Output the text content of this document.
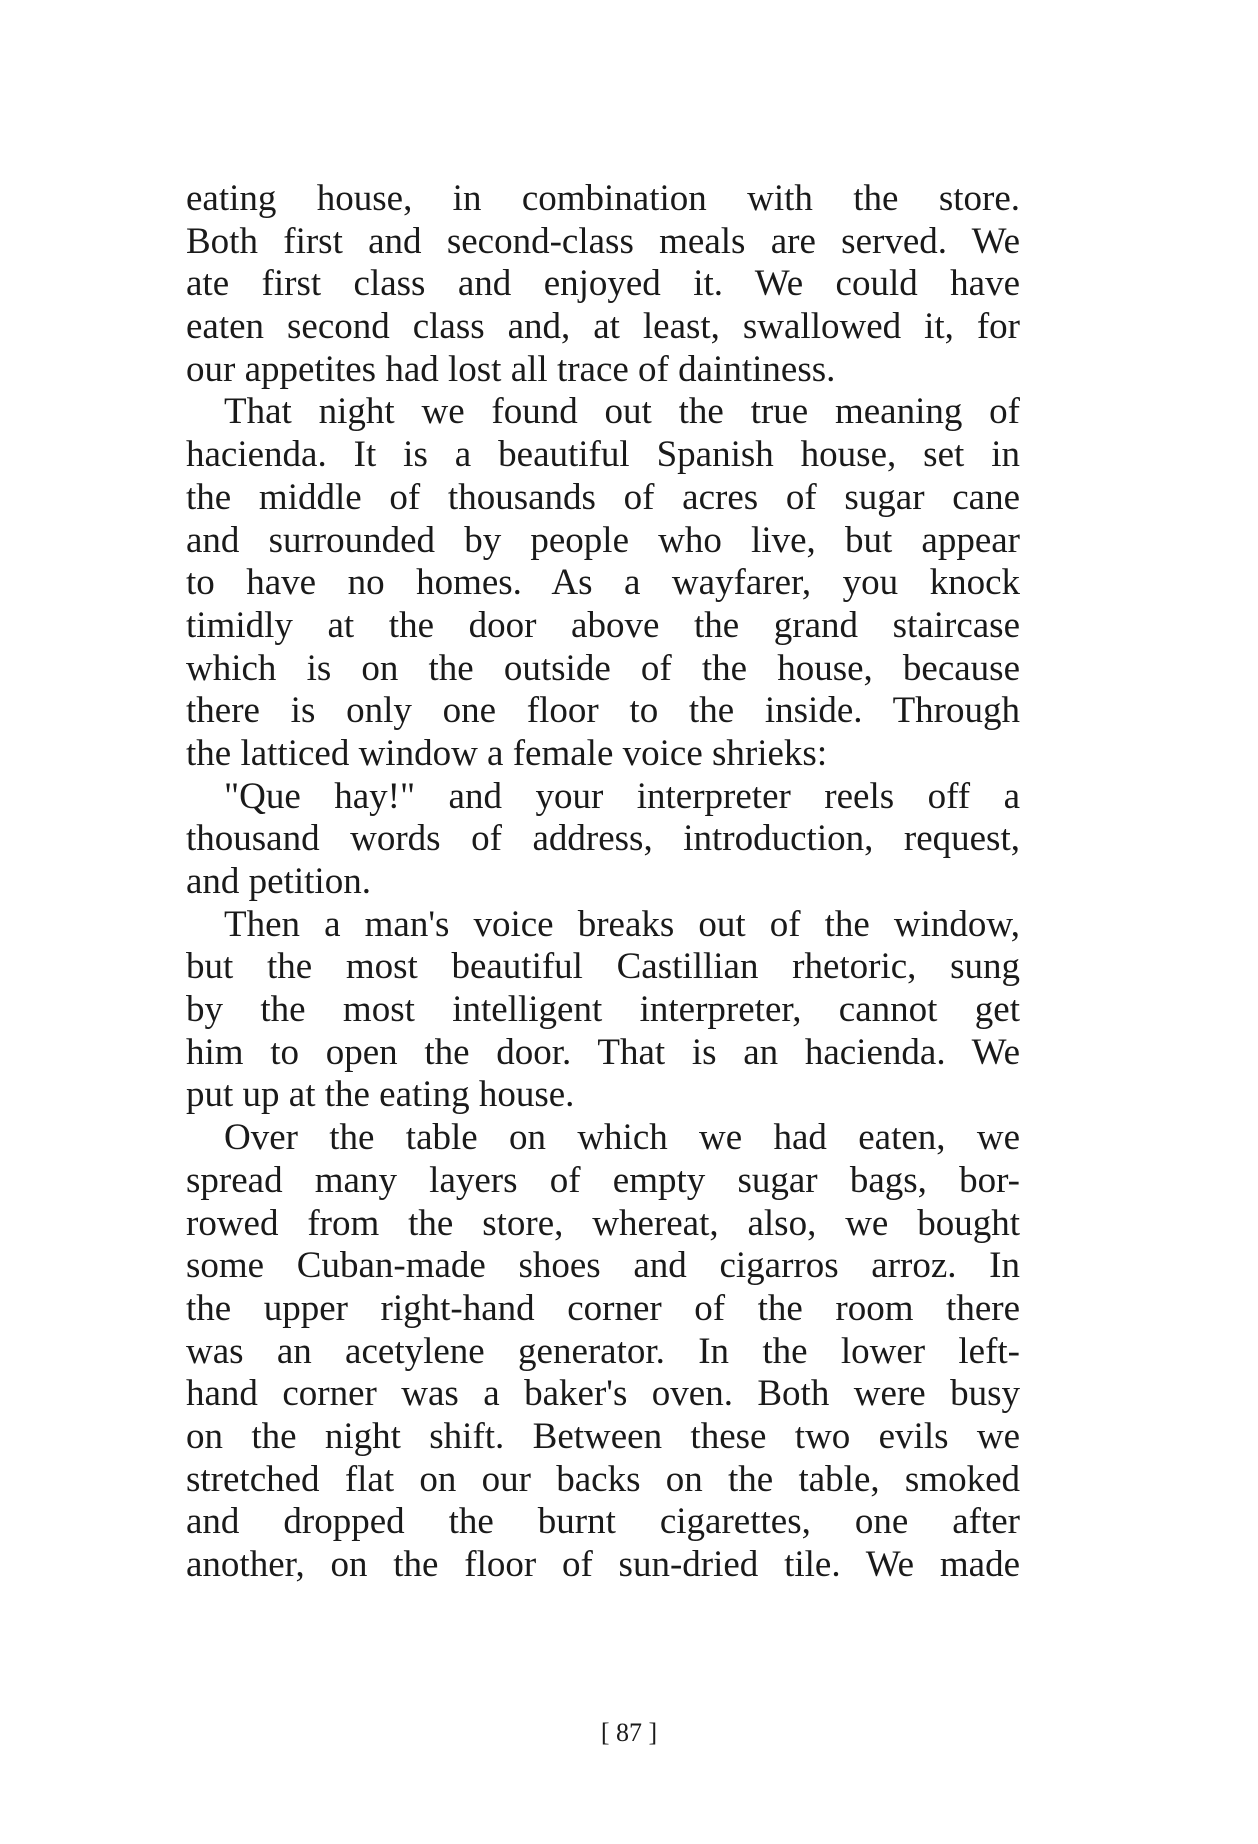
eating house, in combination with the store.
Both first and second-class meals are served. We
ate first class and enjoyed it. We could have
eaten second class and, at least, swallowed it, for
our appetites had lost all trace of daintiness.
That night we found out the true meaning of
hacienda. It is a beautiful Spanish house, set in
the middle of thousands of acres of sugar cane
and surrounded by people who live, but appear
to have no homes. As a wayfarer, you knock
timidly at the door above the grand staircase
which is on the outside of the house, because
there is only one floor to the inside. Through
the latticed window a female voice shrieks:
"Que hay!" and your interpreter reels off a
thousand words of address, introduction, request,
and petition.
Then a man's voice breaks out of the window,
but the most beautiful Castillian rhetoric, sung
by the most intelligent interpreter, cannot get
him to open the door. That is an hacienda. We
put up at the eating house.
Over the table on which we had eaten, we
spread many layers of empty sugar bags, bor-
rowed from the store, whereat, also, we bought
some Cuban-made shoes and cigarros arroz. In
the upper right-hand corner of the room there
was an acetylene generator. In the lower left-
hand corner was a baker's oven. Both were busy
on the night shift. Between these two evils we
stretched flat on our backs on the table, smoked
and dropped the burnt cigarettes, one after
another, on the floor of sun-dried tile. We made
[ 87 ]
